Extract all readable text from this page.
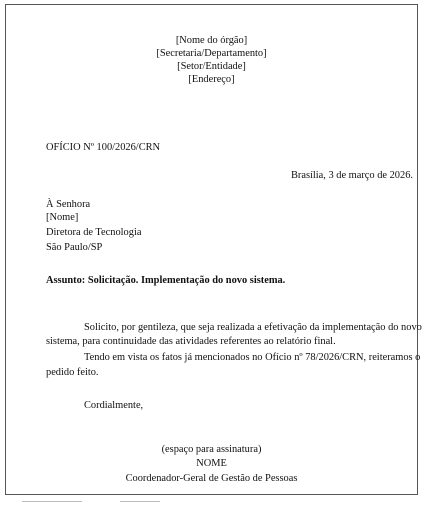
[Nome do órgão]

[Secretaria/Departamento]

[Setor/Entidade]

[Endereço]

OFÍCIO Nº 100/2026/CRN

Brasília, 3 de março de 2026.

À Senhora

[Nome]

Diretora de Tecnologia

São Paulo/SP

Assunto: Solicitação. Implementação do novo sistema.

Solicito, por gentileza, que seja realizada a efetivação da implementação do novo

sistema, para continuidade das atividades referentes ao relatório final.

Tendo em vista os fatos já mencionados no Ofício nº 78/2026/CRN, reiteramos o

pedido feito.

Cordialmente,

(espaço para assinatura)

NOME

Coordenador-Geral de Gestão de Pessoas
